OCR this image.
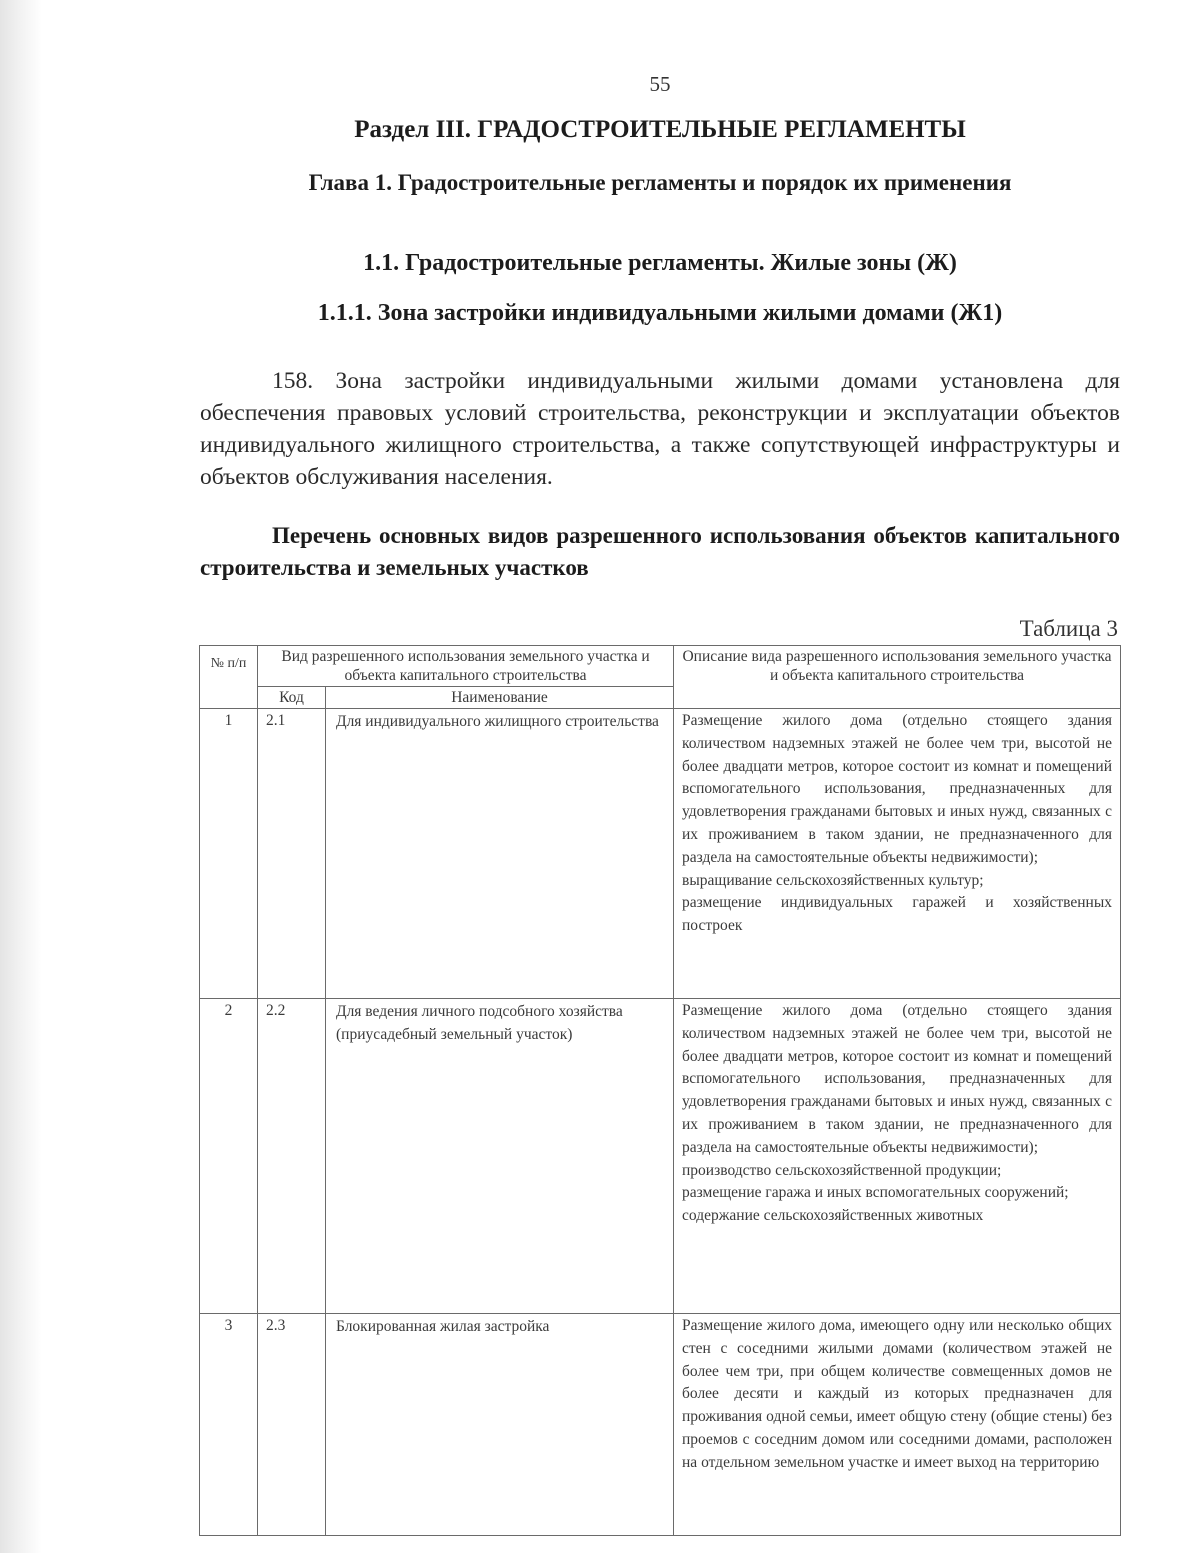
55
Раздел III. ГРАДОСТРОИТЕЛЬНЫЕ РЕГЛАМЕНТЫ
Глава 1. Градостроительные регламенты и порядок их применения
1.1. Градостроительные регламенты. Жилые зоны (Ж)
1.1.1. Зона застройки индивидуальными жилыми домами (Ж1)
158. Зона застройки индивидуальными жилыми домами установлена для обеспечения правовых условий строительства, реконструкции и эксплуатации объектов индивидуального жилищного строительства, а также сопутствующей инфраструктуры и объектов обслуживания населения.
Перечень основных видов разрешенного использования объектов капитального строительства и земельных участков
Таблица 3
№ п/п	Вид разрешенного использования земельного участка и объекта капитального строительства		Описание вида разрешенного использования земельного участка и объекта капитального строительства
	Код	Наименование	
1	2.1	Для индивидуального жилищного строительства	Размещение жилого дома (отдельно стоящего здания количеством надземных этажей не более чем три, высотой не более двадцати метров, которое состоит из комнат и помещений вспомогательного использования, предназначенных для удовлетворения гражданами бытовых и иных нужд, связанных с их проживанием в таком здании, не предназначенного для раздела на самостоятельные объекты недвижимости);
выращивание сельскохозяйственных культур;
размещение индивидуальных гаражей и хозяйственных построек

2	2.2	Для ведения личного подсобного хозяйства (приусадебный земельный участок)	Размещение жилого дома (отдельно стоящего здания количеством надземных этажей не более чем три, высотой не более двадцати метров, которое состоит из комнат и помещений вспомогательного использования, предназначенных для удовлетворения гражданами бытовых и иных нужд, связанных с их проживанием в таком здании, не предназначенного для раздела на самостоятельные объекты недвижимости);
производство сельскохозяйственной продукции;
размещение гаража и иных вспомогательных сооружений;
содержание сельскохозяйственных животных

3	2.3	Блокированная жилая застройка	Размещение жилого дома, имеющего одну или несколько общих стен с соседними жилыми домами (количеством этажей не более чем три, при общем количестве совмещенных домов не более десяти и каждый из которых предназначен для проживания одной семьи, имеет общую стену (общие стены) без проемов с соседним домом или соседними домами, расположен на отдельном земельном участке и имеет выход на территорию
